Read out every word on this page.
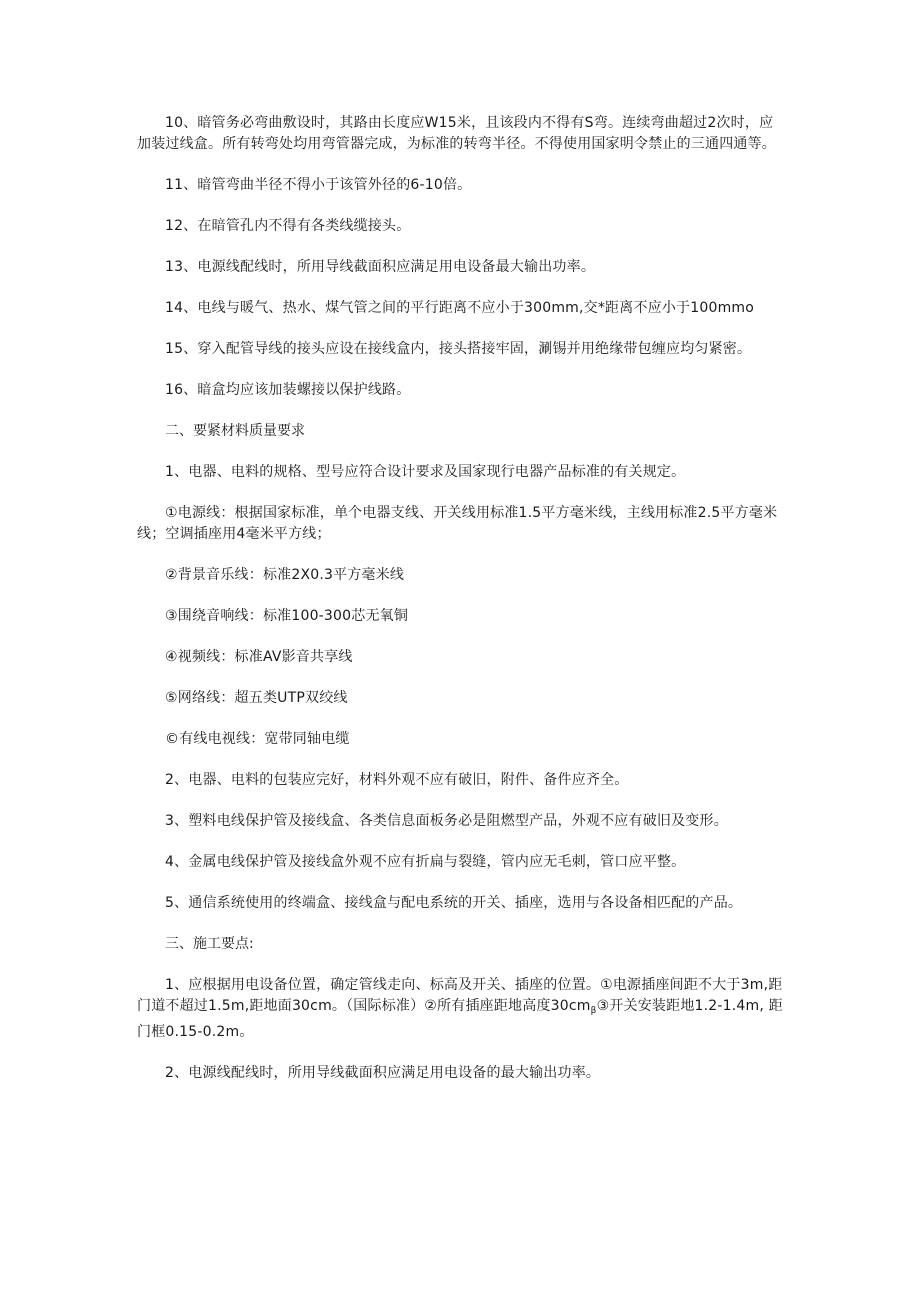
10、暗管务必弯曲敷设时，其路由长度应W15米，且该段内不得有S弯。连续弯曲超过2次时，应加装过线盒。所有转弯处均用弯管器完成，为标准的转弯半径。不得使用国家明令禁止的三通四通等。

11、暗管弯曲半径不得小于该管外径的6-10倍。

12、在暗管孔内不得有各类线缆接头。

13、电源线配线时，所用导线截面积应满足用电设备最大输出功率。

14、电线与暖气、热水、煤气管之间的平行距离不应小于300mm,交*距离不应小于100mmo

15、穿入配管导线的接头应设在接线盒内，接头搭接牢固，涮锡并用绝缘带包缠应均匀紧密。

16、暗盒均应该加装螺接以保护线路。

二、要紧材料质量要求

1、电器、电料的规格、型号应符合设计要求及国家现行电器产品标准的有关规定。

①电源线：根据国家标准，单个电器支线、开关线用标准1.5平方毫米线，主线用标准2.5平方毫米线；空调插座用4毫米平方线；

②背景音乐线：标准2X0.3平方毫米线

③围绕音响线：标准100-300芯无氧铜

④视频线：标准AV影音共享线

⑤网络线：超五类UTP双绞线

©有线电视线：宽带同轴电缆

2、电器、电料的包装应完好，材料外观不应有破旧，附件、备件应齐全。

3、塑料电线保护管及接线盒、各类信息面板务必是阻燃型产品，外观不应有破旧及变形。

4、金属电线保护管及接线盒外观不应有折扁与裂缝，管内应无毛刺，管口应平整。

5、通信系统使用的终端盒、接线盒与配电系统的开关、插座，选用与各设备相匹配的产品。

三、施工要点:

1、应根据用电设备位置，确定管线走向、标高及开关、插座的位置。①电源插座间距不大于3m,距门道不超过1.5m,距地面30cm。（国际标准）②所有插座距地高度$30cm_\beta ③$开关安装距地1.2-1.4m, 距门框0.15-0.2m。

2、电源线配线时，所用导线截面积应满足用电设备的最大输出功率。
